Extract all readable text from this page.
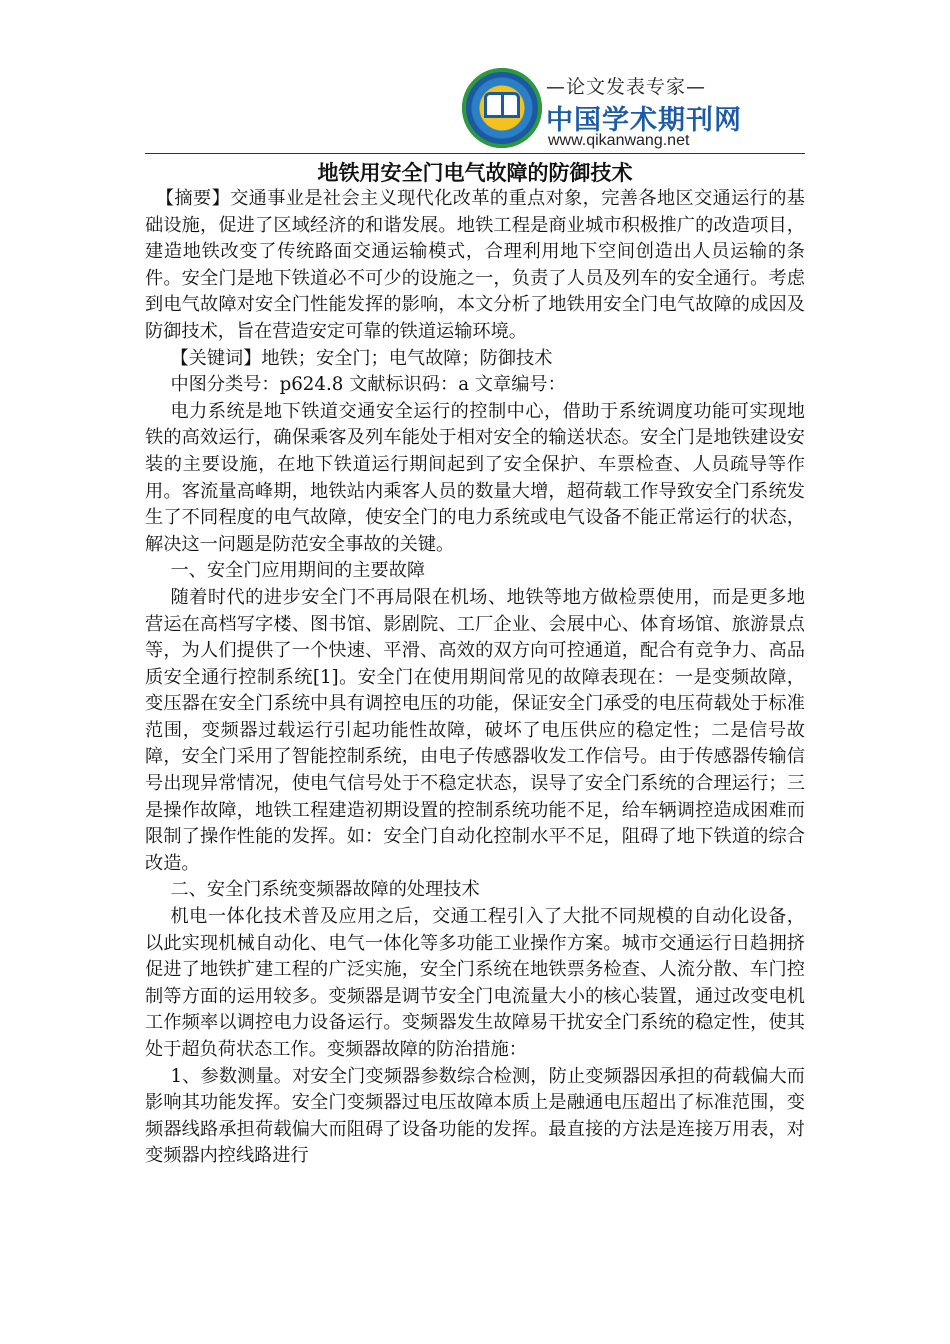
—论文发表专家—
中国学术期刊网
www.qikanwang.net

地铁用安全门电气故障的防御技术

【摘要】交通事业是社会主义现代化改革的重点对象，完善各地区交通运行的基础设施，促进了区域经济的和谐发展。地铁工程是商业城市积极推广的改造项目，建造地铁改变了传统路面交通运输模式，合理利用地下空间创造出人员运输的条件。安全门是地下铁道必不可少的设施之一，负责了人员及列车的安全通行。考虑到电气故障对安全门性能发挥的影响，本文分析了地铁用安全门电气故障的成因及防御技术，旨在营造安定可靠的铁道运输环境。

【关键词】地铁；安全门；电气故障；防御技术

中图分类号：p624.8 文献标识码：a 文章编号：

电力系统是地下铁道交通安全运行的控制中心，借助于系统调度功能可实现地铁的高效运行，确保乘客及列车能处于相对安全的输送状态。安全门是地铁建设安装的主要设施，在地下铁道运行期间起到了安全保护、车票检查、人员疏导等作用。客流量高峰期，地铁站内乘客人员的数量大增，超荷载工作导致安全门系统发生了不同程度的电气故障，使安全门的电力系统或电气设备不能正常运行的状态，解决这一问题是防范安全事故的关键。

一、安全门应用期间的主要故障

随着时代的进步安全门不再局限在机场、地铁等地方做检票使用，而是更多地营运在高档写字楼、图书馆、影剧院、工厂企业、会展中心、体育场馆、旅游景点等，为人们提供了一个快速、平滑、高效的双方向可控通道，配合有竞争力、高品质安全通行控制系统[1]。安全门在使用期间常见的故障表现在：一是变频故障，变压器在安全门系统中具有调控电压的功能，保证安全门承受的电压荷载处于标准范围，变频器过载运行引起功能性故障，破坏了电压供应的稳定性；二是信号故障，安全门采用了智能控制系统，由电子传感器收发工作信号。由于传感器传输信号出现异常情况，使电气信号处于不稳定状态，误导了安全门系统的合理运行；三是操作故障，地铁工程建造初期设置的控制系统功能不足，给车辆调控造成困难而限制了操作性能的发挥。如：安全门自动化控制水平不足，阻碍了地下铁道的综合改造。

二、安全门系统变频器故障的处理技术

机电一体化技术普及应用之后，交通工程引入了大批不同规模的自动化设备，以此实现机械自动化、电气一体化等多功能工业操作方案。城市交通运行日趋拥挤促进了地铁扩建工程的广泛实施，安全门系统在地铁票务检查、人流分散、车门控制等方面的运用较多。变频器是调节安全门电流量大小的核心装置，通过改变电机工作频率以调控电力设备运行。变频器发生故障易干扰安全门系统的稳定性，使其处于超负荷状态工作。变频器故障的防治措施：

1、参数测量。对安全门变频器参数综合检测，防止变频器因承担的荷载偏大而影响其功能发挥。安全门变频器过电压故障本质上是融通电压超出了标准范围，变频器线路承担荷载偏大而阻碍了设备功能的发挥。最直接的方法是连接万用表，对变频器内控线路进行
